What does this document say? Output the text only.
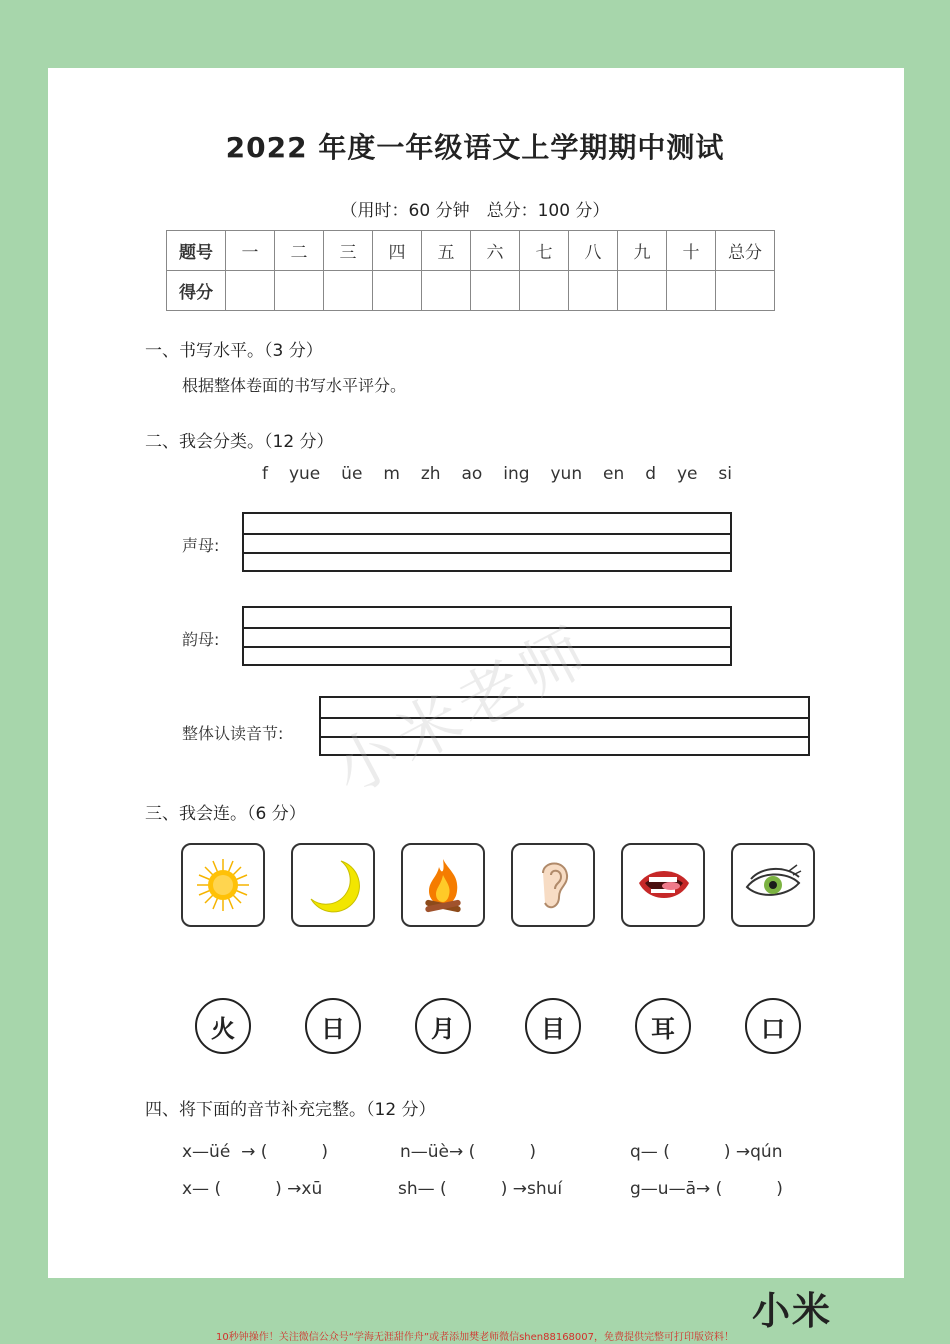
2022 年度一年级语文上学期期中测试
（用时：60 分钟　总分：100 分）
题号	一	二	三	四	五	六	七	八	九	十	总分
得分											
一、书写水平。（3 分）
根据整体卷面的书写水平评分。
二、我会分类。（12 分）
f yue üe m zh ao ing yun en d ye si
声母:
韵母:
整体认读音节: 小米老师
三、我会连。（6 分）
火	日	月	目	耳	口
四、将下面的音节补充完整。（12 分）
x—üé  → (          )	n—üè→ (          )	q— (          ) →qún
x— (          ) →xū	sh— (          ) →shuí	g—u—ā→ (          )
小米
10秒钟操作！关注微信公众号“学海无涯甜作舟”或者添加樊老师微信shen88168007，免费提供完整可打印版资料！
